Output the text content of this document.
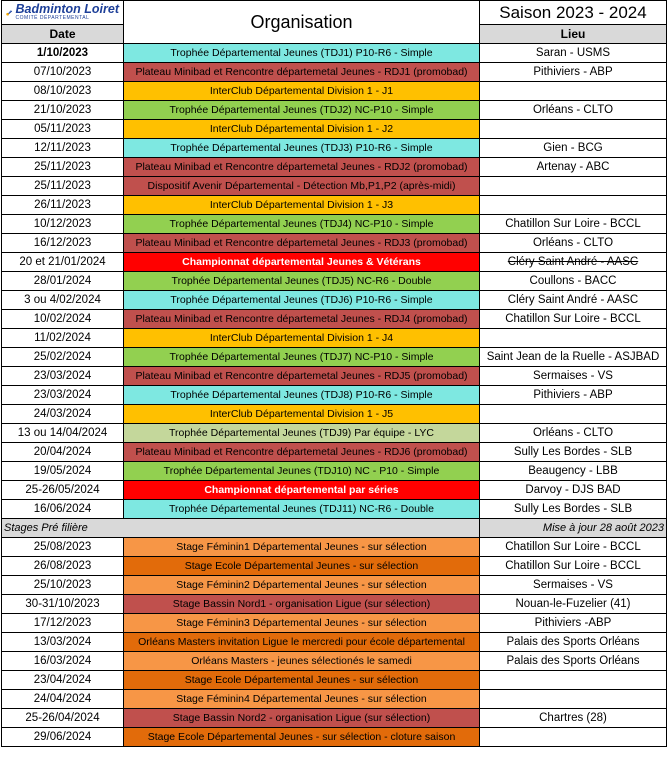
Badminton Loiret
COMITÉ DÉPARTEMENTAL	Organisation	Saison 2023 - 2024
Date		Lieu
1/10/2023	Trophée Départemental Jeunes (TDJ1) P10-R6 - Simple	Saran - USMS
07/10/2023	Plateau Minibad et Rencontre départemetal Jeunes - RDJ1 (promobad)	Pithiviers - ABP
08/10/2023	InterClub Départemental Division 1 - J1	
21/10/2023	Trophée Départemental Jeunes (TDJ2) NC-P10 - Simple	Orléans - CLTO
05/11/2023	InterClub Départemental Division 1 - J2	
12/11/2023	Trophée Départemental Jeunes (TDJ3) P10-R6 - Simple	Gien - BCG
25/11/2023	Plateau Minibad et Rencontre départemetal Jeunes - RDJ2 (promobad)	Artenay - ABC
25/11/2023	Dispositif Avenir Départemental - Détection Mb,P1,P2 (après-midi)	
26/11/2023	InterClub Départemental Division 1 - J3	
10/12/2023	Trophée Départemental Jeunes (TDJ4) NC-P10 - Simple	Chatillon Sur Loire - BCCL
16/12/2023	Plateau Minibad et Rencontre départemetal Jeunes - RDJ3 (promobad)	Orléans - CLTO
20 et 21/01/2024	Championnat départemental Jeunes & Vétérans	Cléry Saint André - AASC
28/01/2024	Trophée Départemental Jeunes (TDJ5) NC-R6 - Double	Coullons - BACC
3 ou 4/02/2024	Trophée Départemental Jeunes (TDJ6) P10-R6 - Simple	Cléry Saint André - AASC
10/02/2024	Plateau Minibad et Rencontre départemetal Jeunes - RDJ4 (promobad)	Chatillon Sur Loire - BCCL
11/02/2024	InterClub Départemental Division 1 - J4	
25/02/2024	Trophée Départemental Jeunes (TDJ7) NC-P10 - Simple	Saint Jean de la Ruelle - ASJBAD
23/03/2024	Plateau Minibad et Rencontre départemetal Jeunes - RDJ5 (promobad)	Sermaises - VS
23/03/2024	Trophée Départemental Jeunes (TDJ8) P10-R6 - Simple	Pithiviers - ABP
24/03/2024	InterClub Départemental Division 1 - J5	
13 ou 14/04/2024	Trophée Départemental Jeunes (TDJ9) Par équipe - LYC	Orléans - CLTO
20/04/2024	Plateau Minibad et Rencontre départemetal Jeunes - RDJ6 (promobad)	Sully Les Bordes - SLB
19/05/2024	Trophée Départemental Jeunes (TDJ10) NC - P10 - Simple	Beaugency - LBB
25-26/05/2024	Championnat départemental par séries	Darvoy - DJS BAD
16/06/2024	Trophée Départemental Jeunes (TDJ11) NC-R6 - Double	Sully Les Bordes - SLB
Stages Pré filière		Mise à jour 28 août 2023
25/08/2023	Stage Féminin1 Départemental Jeunes - sur sélection	Chatillon Sur Loire - BCCL
26/08/2023	Stage Ecole Départemental Jeunes - sur sélection	Chatillon Sur Loire - BCCL
25/10/2023	Stage Féminin2 Départemental Jeunes - sur sélection	Sermaises - VS
30-31/10/2023	Stage Bassin Nord1 - organisation Ligue (sur sélection)	Nouan-le-Fuzelier (41)
17/12/2023	Stage Féminin3 Départemental Jeunes - sur sélection	Pithiviers -ABP
13/03/2024	Orléans Masters invitation Ligue le mercredi pour école départemental	Palais des Sports Orléans
16/03/2024	Orléans Masters - jeunes sélectionés le samedi	Palais des Sports Orléans
23/04/2024	Stage Ecole Départemental Jeunes - sur sélection	
24/04/2024	Stage Féminin4 Départemental Jeunes - sur sélection	
25-26/04/2024	Stage Bassin Nord2 - organisation Ligue (sur sélection)	Chartres (28)
29/06/2024	Stage Ecole Départemental Jeunes - sur sélection - cloture saison	
